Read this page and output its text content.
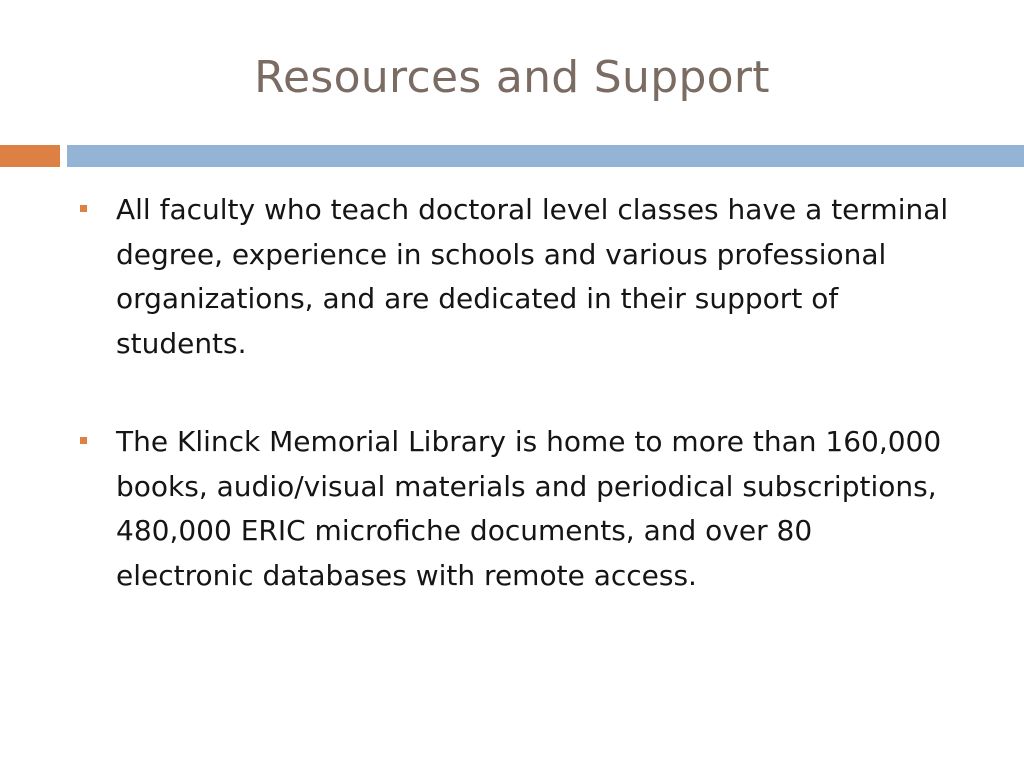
Resources and Support
All faculty who teach doctoral level classes have a terminal degree, experience in schools and various professional organizations, and are dedicated in their support of students.
The Klinck Memorial Library is home to more than 160,000 books, audio/visual materials and periodical subscriptions, 480,000 ERIC microfiche documents, and over 80 electronic databases with remote access.
